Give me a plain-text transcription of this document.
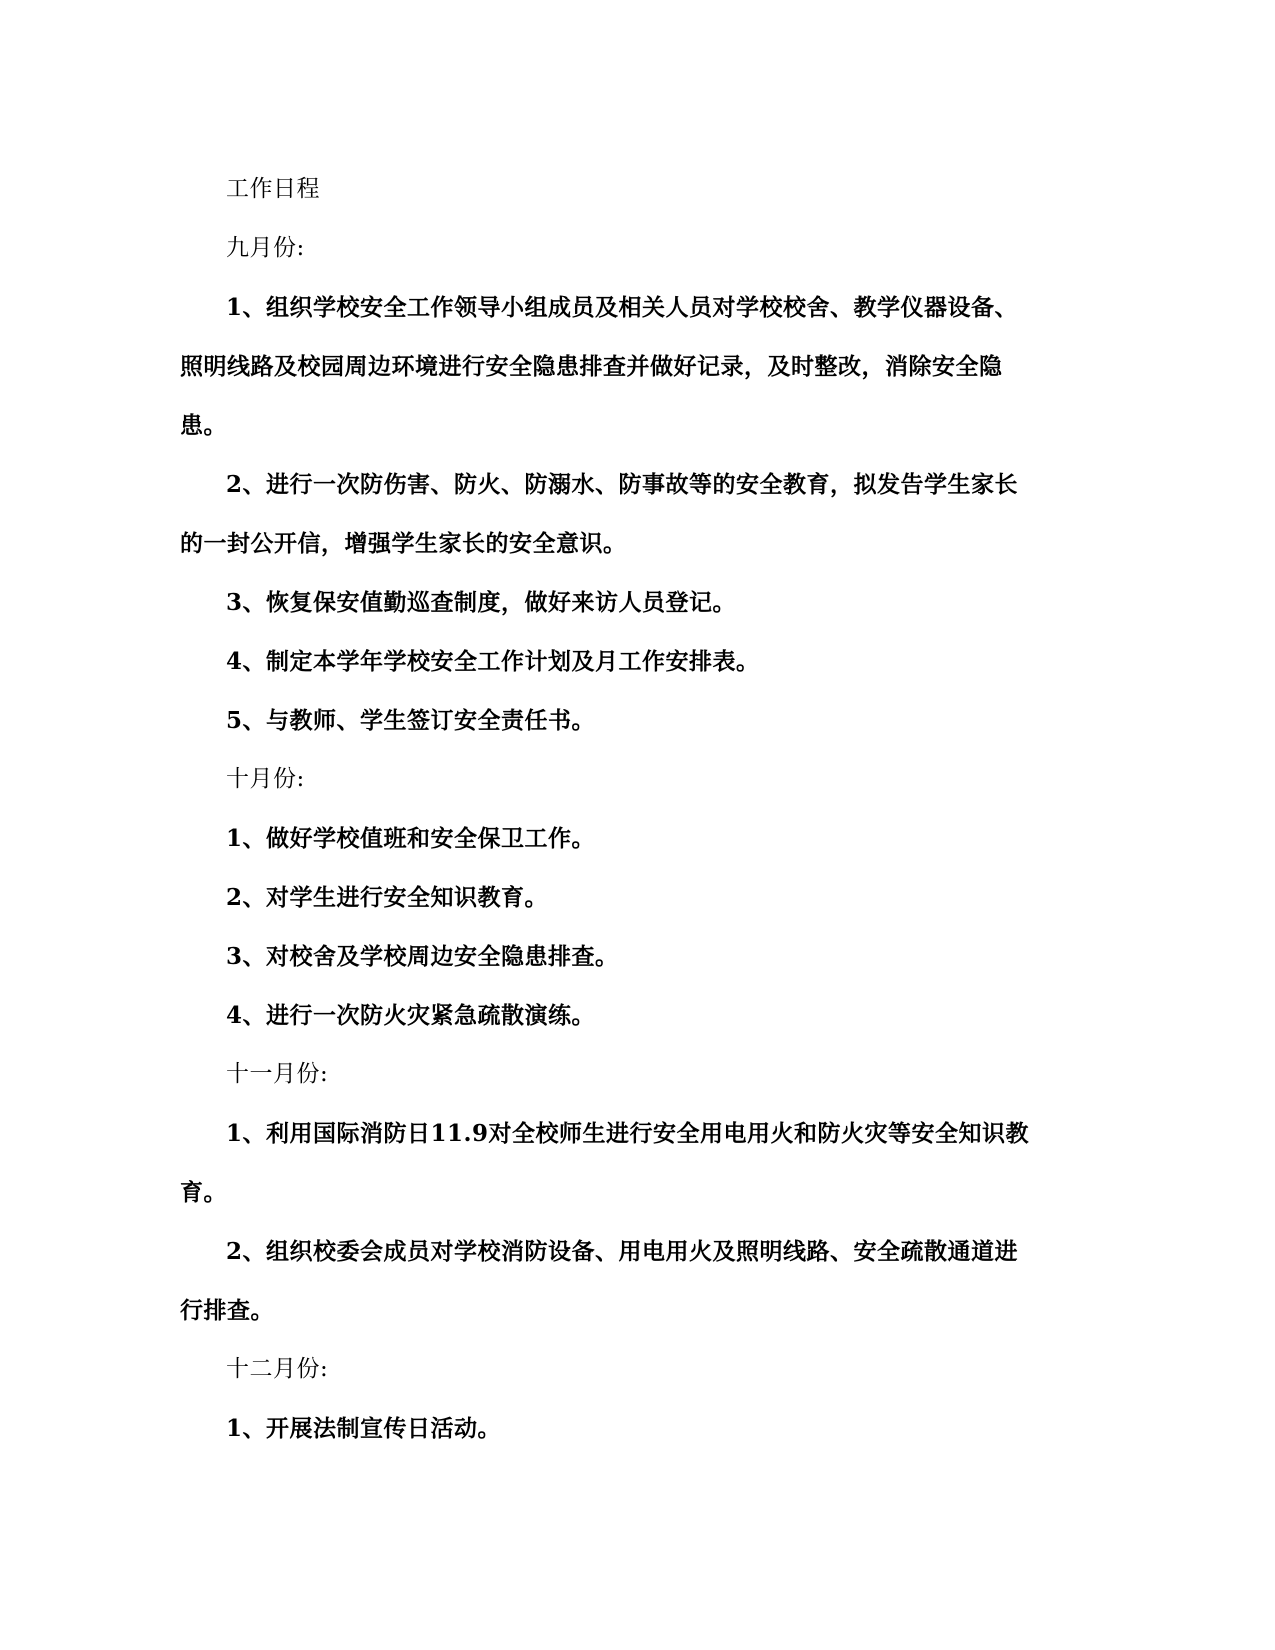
工作日程
九月份:
1、组织学校安全工作领导小组成员及相关人员对学校校舍、教学仪器设备、
照明线路及校园周边环境进行安全隐患排查并做好记录，及时整改，消除安全隐
患。
2、进行一次防伤害、防火、防溺水、防事故等的安全教育，拟发告学生家长
的一封公开信，增强学生家长的安全意识。
3、恢复保安值勤巡查制度，做好来访人员登记。
4、制定本学年学校安全工作计划及月工作安排表。
5、与教师、学生签订安全责任书。
十月份:
1、做好学校值班和安全保卫工作。
2、对学生进行安全知识教育。
3、对校舍及学校周边安全隐患排查。
4、进行一次防火灾紧急疏散演练。
十一月份:
1、利用国际消防日11.9对全校师生进行安全用电用火和防火灾等安全知识教
育。
2、组织校委会成员对学校消防设备、用电用火及照明线路、安全疏散通道进
行排查。
十二月份:
1、开展法制宣传日活动。
